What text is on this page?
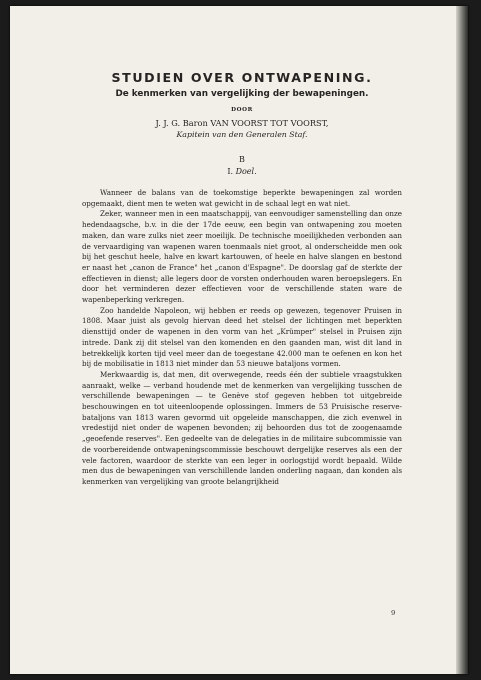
STUDIEN OVER ONTWAPENING.
De kenmerken van vergelijking der bewapeningen.
DOOR
J. J. G. Baron VAN VOORST TOT VOORST,
Kapitein van den Generalen Staf.
B
I. Doel.

Wanneer de balans van de toekomstige beperkte bewapeningen zal worden opgemaakt, dient men te weten wat gewicht in de schaal legt en wat niet.

Zeker, wanneer men in een maatschappij, van eenvoudiger samenstelling dan onze hedendaagsche, b.v. in die der 17de eeuw, een begin van ontwapening zou moeten maken, dan ware zulks niet zeer moeilijk. De technische moeilijkheden verbonden aan de vervaardiging van wapenen waren toenmaals niet groot, al onderscheidde men ook bij het geschut heele, halve en kwart kartouwen, of heele en halve slangen en bestond er naast het „canon de France" het „canon d'Espagne". De doorslag gaf de sterkte der effectieven in dienst; alle legers door de vorsten onderhouden waren beroepslegers. En door het verminderen dezer effectieven voor de verschillende staten ware de wapenbeperking verkregen.

Zoo handelde Napoleon, wij hebben er reeds op gewezen, tegenover Pruisen in 1808. Maar juist als gevolg hiervan deed het stelsel der lichtingen met beperkten diensttijd onder de wapenen in den vorm van het „Krümper" stelsel in Pruisen zijn intrede. Dank zij dit stelsel van den komenden en den gaanden man, wist dit land in betrekkelijk korten tijd veel meer dan de toegestane 42.000 man te oefenen en kon het bij de mobilisatie in 1813 niet minder dan 53 nieuwe bataljons vormen.

Merkwaardig is, dat men, dit overwegende, reeds één der subtiele vraagstukken aanraakt, welke — verband houdende met de kenmerken van vergelijking tusschen de verschillende bewapeningen — te Genève stof gegeven hebben tot uitgebreide beschouwingen en tot uiteenloopende oplossingen. Immers de 53 Pruisische reserve-bataljons van 1813 waren gevormd uit opgeleide manschappen, die zich evenwel in vredestijd niet onder de wapenen bevonden; zij behoorden dus tot de zoogenaamde „geoefende reserves". Een gedeelte van de delegaties in de militaire subcommissie van de voorbereidende ontwapeningscommissie beschouwt dergelijke reserves als een der vele factoren, waardoor de sterkte van een leger in oorlogstijd wordt bepaald. Wilde men dus de bewapeningen van verschillende landen onderling nagaan, dan konden als kenmerken van vergelijking van groote belangrijkheid

9
